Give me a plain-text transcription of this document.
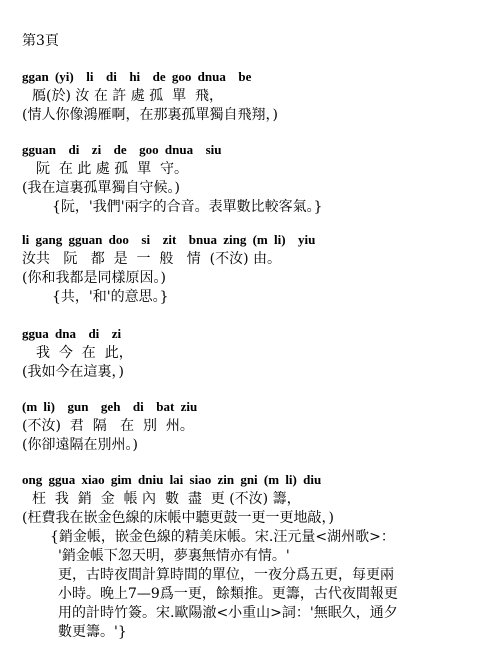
第3頁
ggan (yi)  li  di  hi  de goo dnua  be
鴈(於) 汝 在 許 處 孤  單  飛，
(情人你像鴻雁啊，在那裏孤單獨自飛翔，)
gguan  di  zi  de  goo dnua  siu
阮  在 此 處 孤  單  守。
(我在這裏孤單獨自守候。)
{阮，'我們'兩字的合音。表單數比較客氣。}
li gang gguan doo  si  zit  bnua zing (m li)  yiu
汝共   阮   都  是  一  般   情  (不汝) 由。
(你和我都是同樣原因。)
{共，'和'的意思。}
ggua dna  di  zi
我  今  在  此，
(我如今在這裏，)
(m li)  gun  geh  di  bat ziu
(不汝)  君  隔   在  別  州。
(你卻遠隔在別州。)
ong ggua xiao gim dniu lai siao zin gni (m li) diu
枉  我  銷  金  帳 內  數  盡  更 (不汝) 籌，
(枉費我在嵌金色線的床帳中聽更鼓一更一更地敲，)
{銷金帳，嵌金色線的精美床帳。宋.汪元量<湖州歌>：
'銷金帳下忽天明，夢裏無情亦有情。'
更，古時夜間計算時間的單位，一夜分爲五更，每更兩
小時。晚上7—9爲一更，餘類推。更籌，古代夜間報更
用的計時竹簽。宋.歐陽澈<小重山>詞：'無眠久，通夕
數更籌。'}
